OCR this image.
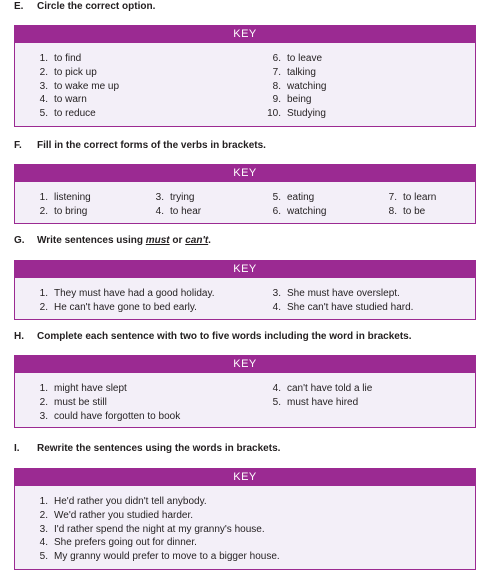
E. Circle the correct option.
KEY
1. to find
2. to pick up
3. to wake me up
4. to warn
5. to reduce
6. to leave
7. talking
8. watching
9. being
10. Studying
F. Fill in the correct forms of the verbs in brackets.
KEY
1. listening
2. to bring
3. trying
4. to hear
5. eating
6. watching
7. to learn
8. to be
G. Write sentences using must or can't.
KEY
1. They must have had a good holiday.
2. He can't have gone to bed early.
3. She must have overslept.
4. She can't have studied hard.
H. Complete each sentence with two to five words including the word in brackets.
KEY
1. might have slept
2. must be still
3. could have forgotten to book
4. can't have told a lie
5. must have hired
I. Rewrite the sentences using the words in brackets.
KEY
1. He'd rather you didn't tell anybody.
2. We'd rather you studied harder.
3. I'd rather spend the night at my granny's house.
4. She prefers going out for dinner.
5. My granny would prefer to move to a bigger house.
